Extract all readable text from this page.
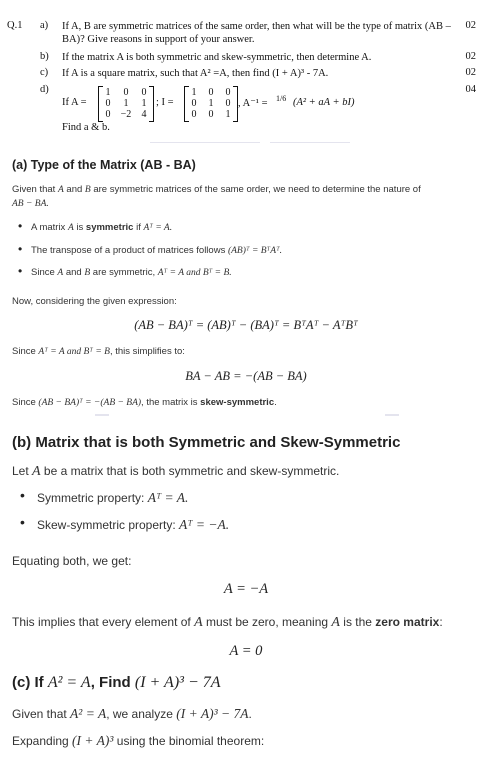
Q.1 a) If A, B are symmetric matrices of the same order, then what will be the type of matrix (AB – BA)? Give reasons in support of your answer.
02
b) If the matrix A is both symmetric and skew-symmetric, then determine A.	02
c) If A is a square matrix, such that A² =A, then find (I + A)³ - 7A.	02
d)	04
If A =
1	0	0
0	1	1
0	−2	4
; I =
1	0	0
0	1	0
0	0	1
, A⁻¹ = 1/6 (A² + aA + bI)
Find a & b.
(a) Type of the Matrix (AB - BA)
Given that A and B are symmetric matrices of the same order, we need to determine the nature of
AB − BA.
• A matrix A is symmetric if Aᵀ = A.
• The transpose of a product of matrices follows (AB)ᵀ = BᵀAᵀ.
• Since A and B are symmetric, Aᵀ = A and Bᵀ = B.
Now, considering the given expression:
(AB − BA)ᵀ = (AB)ᵀ − (BA)ᵀ = BᵀAᵀ − AᵀBᵀ
Since Aᵀ = A and Bᵀ = B, this simplifies to:
BA − AB = −(AB − BA)
Since (AB − BA)ᵀ = −(AB − BA), the matrix is skew-symmetric.
(b) Matrix that is both Symmetric and Skew-Symmetric
Let A be a matrix that is both symmetric and skew-symmetric.
• Symmetric property: Aᵀ = A.
• Skew-symmetric property: Aᵀ = −A.
Equating both, we get:
A = −A
This implies that every element of A must be zero, meaning A is the zero matrix:
A = 0
(c) If A² = A, Find (I + A)³ − 7A
Given that A² = A, we analyze (I + A)³ − 7A.
Expanding (I + A)³ using the binomial theorem:
